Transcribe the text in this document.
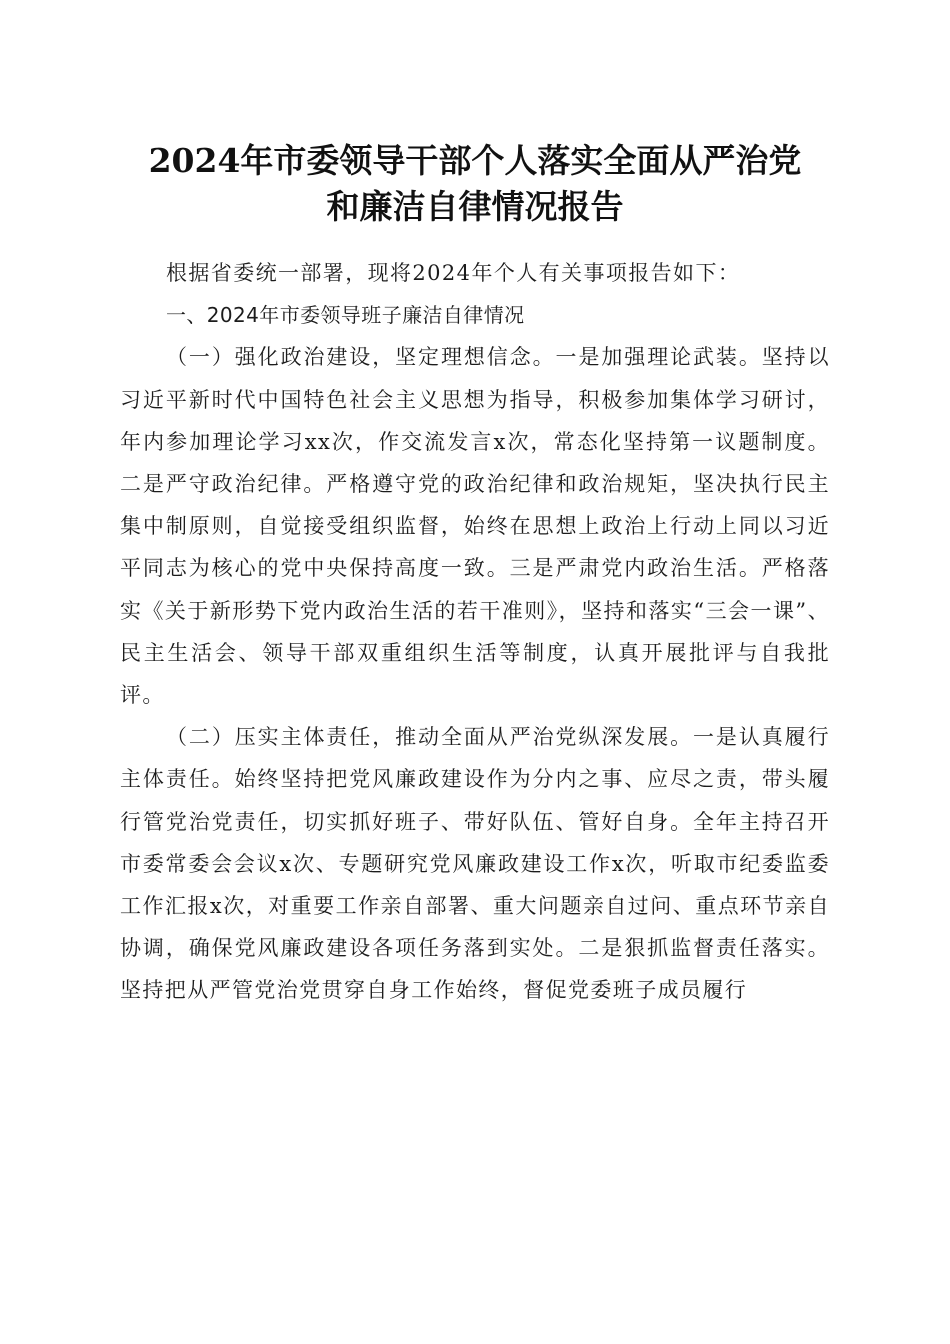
2024年市委领导干部个人落实全面从严治党
和廉洁自律情况报告

根据省委统一部署，现将2024年个人有关事项报告如下：

一、2024年市委领导班子廉洁自律情况

（一）强化政治建设，坚定理想信念。一是加强理论武装。坚持以习近平新时代中国特色社会主义思想为指导，积极参加集体学习研讨，年内参加理论学习xx次，作交流发言x次，常态化坚持第一议题制度。二是严守政治纪律。严格遵守党的政治纪律和政治规矩，坚决执行民主集中制原则，自觉接受组织监督，始终在思想上政治上行动上同以习近平同志为核心的党中央保持高度一致。三是严肃党内政治生活。严格落实《关于新形势下党内政治生活的若干准则》，坚持和落实“三会一课”、民主生活会、领导干部双重组织生活等制度，认真开展批评与自我批评。

（二）压实主体责任，推动全面从严治党纵深发展。一是认真履行主体责任。始终坚持把党风廉政建设作为分内之事、应尽之责，带头履行管党治党责任，切实抓好班子、带好队伍、管好自身。全年主持召开市委常委会会议x次、专题研究党风廉政建设工作x次，听取市纪委监委工作汇报x次，对重要工作亲自部署、重大问题亲自过问、重点环节亲自协调，确保党风廉政建设各项任务落到实处。二是狠抓监督责任落实。坚持把从严管党治党贯穿自身工作始终，督促党委班子成员履行
